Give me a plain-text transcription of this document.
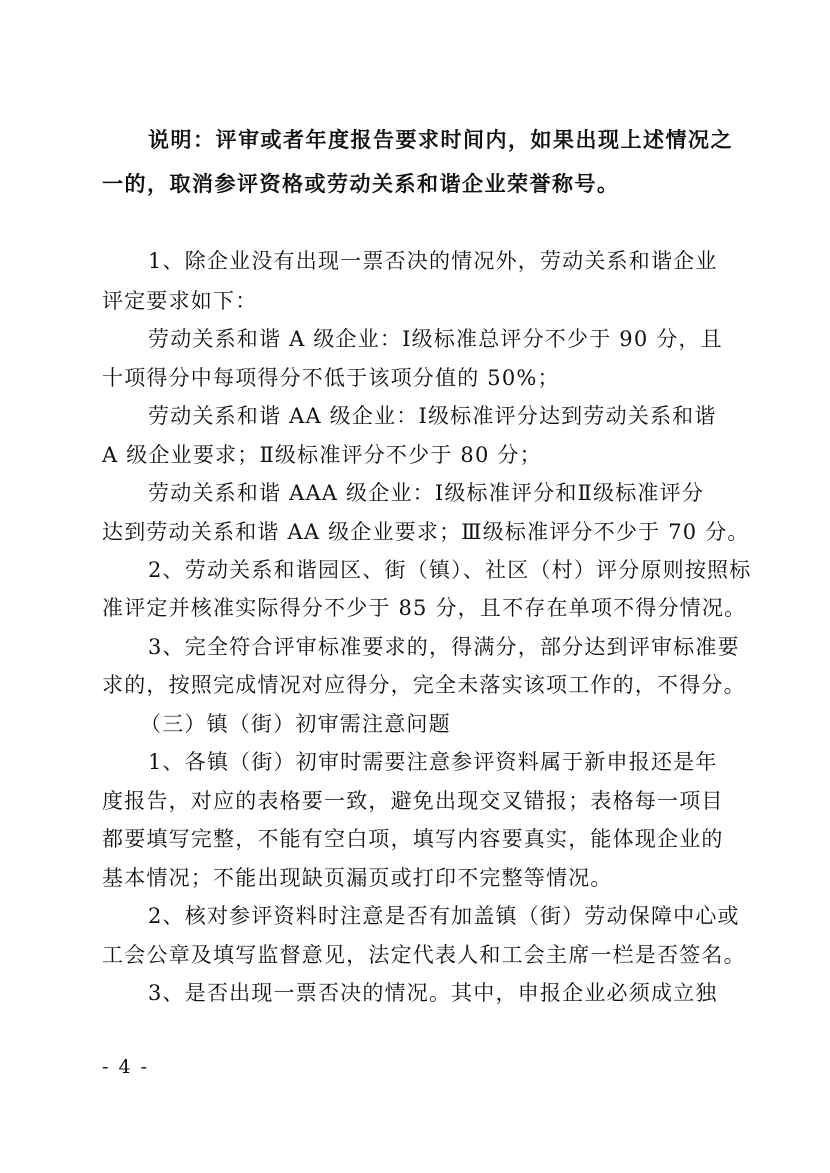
说明：评审或者年度报告要求时间内，如果出现上述情况之
一的，取消参评资格或劳动关系和谐企业荣誉称号。
1、除企业没有出现一票否决的情况外，劳动关系和谐企业
评定要求如下：
劳动关系和谐 A 级企业：Ⅰ级标准总评分不少于 90 分，且
十项得分中每项得分不低于该项分值的 50%；
劳动关系和谐 AA 级企业：Ⅰ级标准评分达到劳动关系和谐
A 级企业要求；Ⅱ级标准评分不少于 80 分；
劳动关系和谐 AAA 级企业：Ⅰ级标准评分和Ⅱ级标准评分
达到劳动关系和谐 AA 级企业要求；Ⅲ级标准评分不少于 70 分。
2、劳动关系和谐园区、街（镇）、社区（村）评分原则按照标
准评定并核准实际得分不少于 85 分，且不存在单项不得分情况。
3、完全符合评审标准要求的，得满分，部分达到评审标准要
求的，按照完成情况对应得分，完全未落实该项工作的，不得分。
（三）镇（街）初审需注意问题
1、各镇（街）初审时需要注意参评资料属于新申报还是年
度报告，对应的表格要一致，避免出现交叉错报；表格每一项目
都要填写完整，不能有空白项，填写内容要真实，能体现企业的
基本情况；不能出现缺页漏页或打印不完整等情况。
2、核对参评资料时注意是否有加盖镇（街）劳动保障中心或
工会公章及填写监督意见，法定代表人和工会主席一栏是否签名。
3、是否出现一票否决的情况。其中，申报企业必须成立独
- 4 -
